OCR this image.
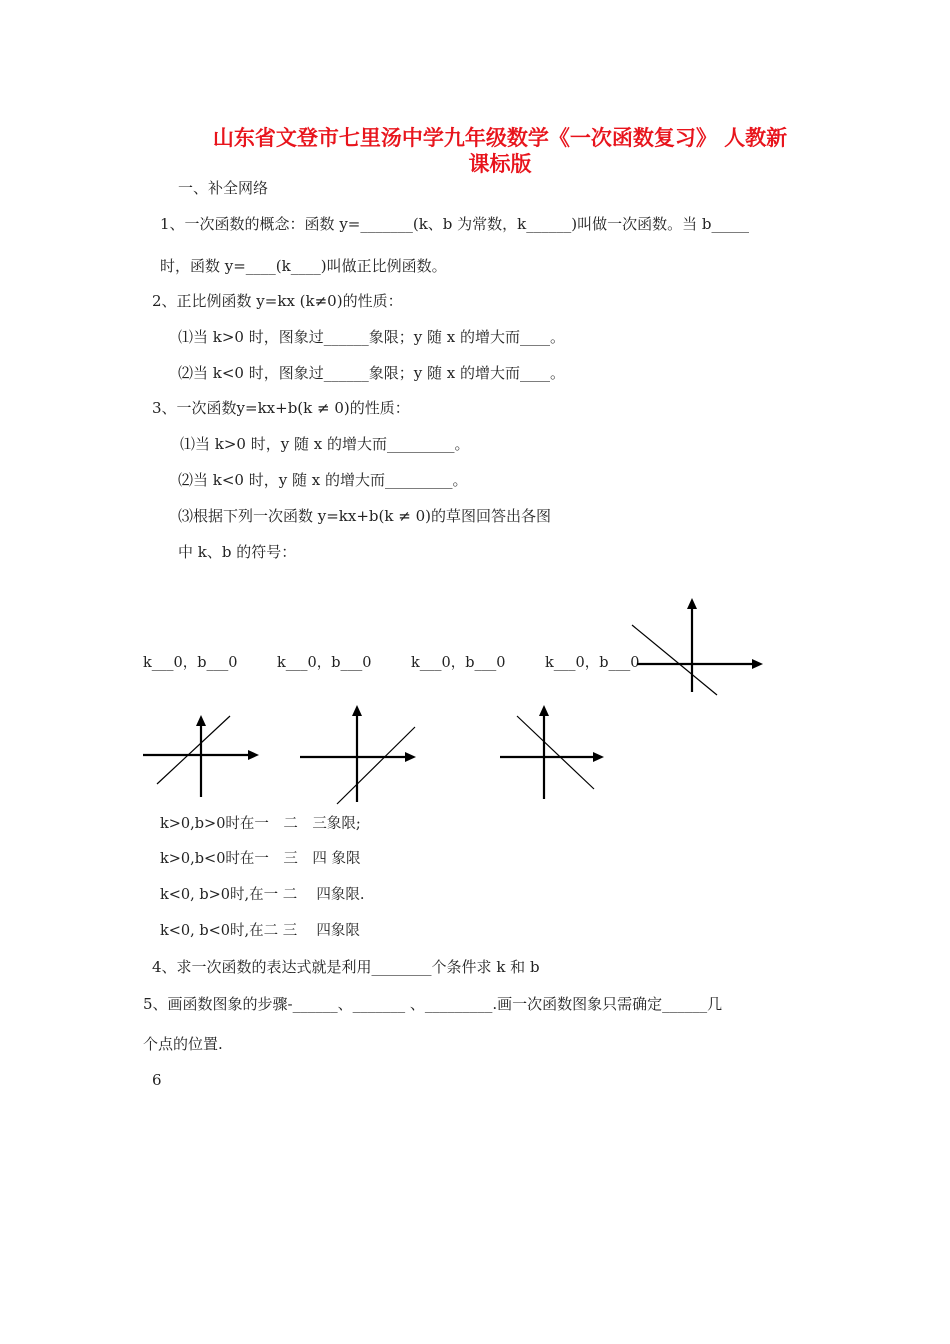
山东省文登市七里汤中学九年级数学《一次函数复习》 人教新
课标版
一、补全网络
1、一次函数的概念：函数 y=_______(k、b 为常数，k______)叫做一次函数。当 b_____
时，函数 y=____(k____)叫做正比例函数。
2、正比例函数 y=kx (k≠0)的性质：
⑴当 k>0 时，图象过______象限；y 随 x 的增大而____。
⑵当 k<0 时，图象过______象限；y 随 x 的增大而____。
3、一次函数y=kx+b(k ≠ 0)的性质：
⑴当 k>0 时，y 随 x 的增大而_________。
⑵当 k<0 时，y 随 x 的增大而_________。
⑶根据下列一次函数 y=kx+b(k ≠ 0)的草图回答出各图
中 k、b 的符号：
k___0，b___0	k___0，b___0	k___0，b___0	k___0，b___0
k>0,b>0时在一　二　三象限;
k>0,b<0时在一　三　四 象限
k<0, b>0时,在一 二　 四象限.
k<0, b<0时,在二 三　 四象限
4、求一次函数的表达式就是利用________个条件求 k 和 b
5、画函数图象的步骤-______、_______ 、_________.画一次函数图象只需确定______几
个点的位置.
6
